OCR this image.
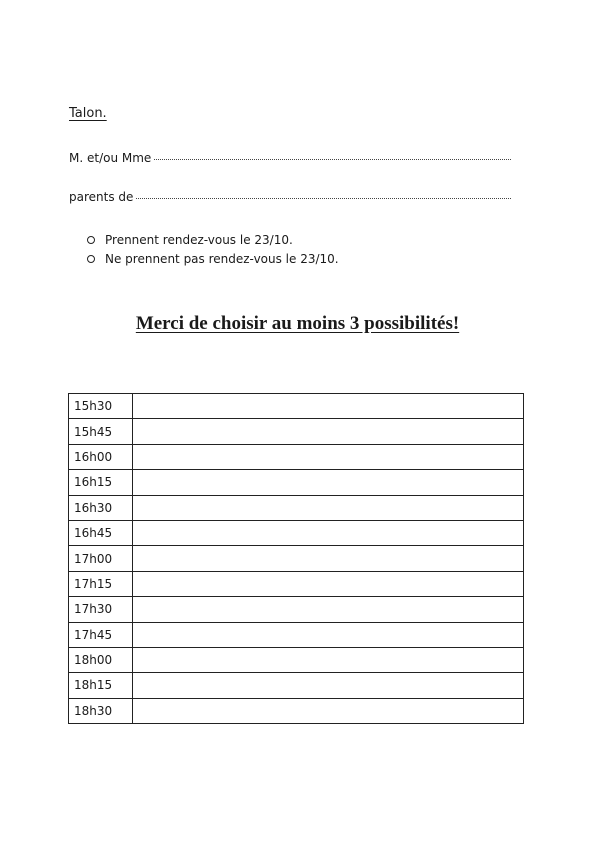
Talon.
M. et/ou Mme
parents de
Prennent rendez-vous le 23/10.
Ne prennent pas rendez-vous le 23/10.
Merci de choisir au moins 3 possibilités!
15h30	
15h45	
16h00	
16h15	
16h30	
16h45	
17h00	
17h15	
17h30	
17h45	
18h00	
18h15	
18h30	
